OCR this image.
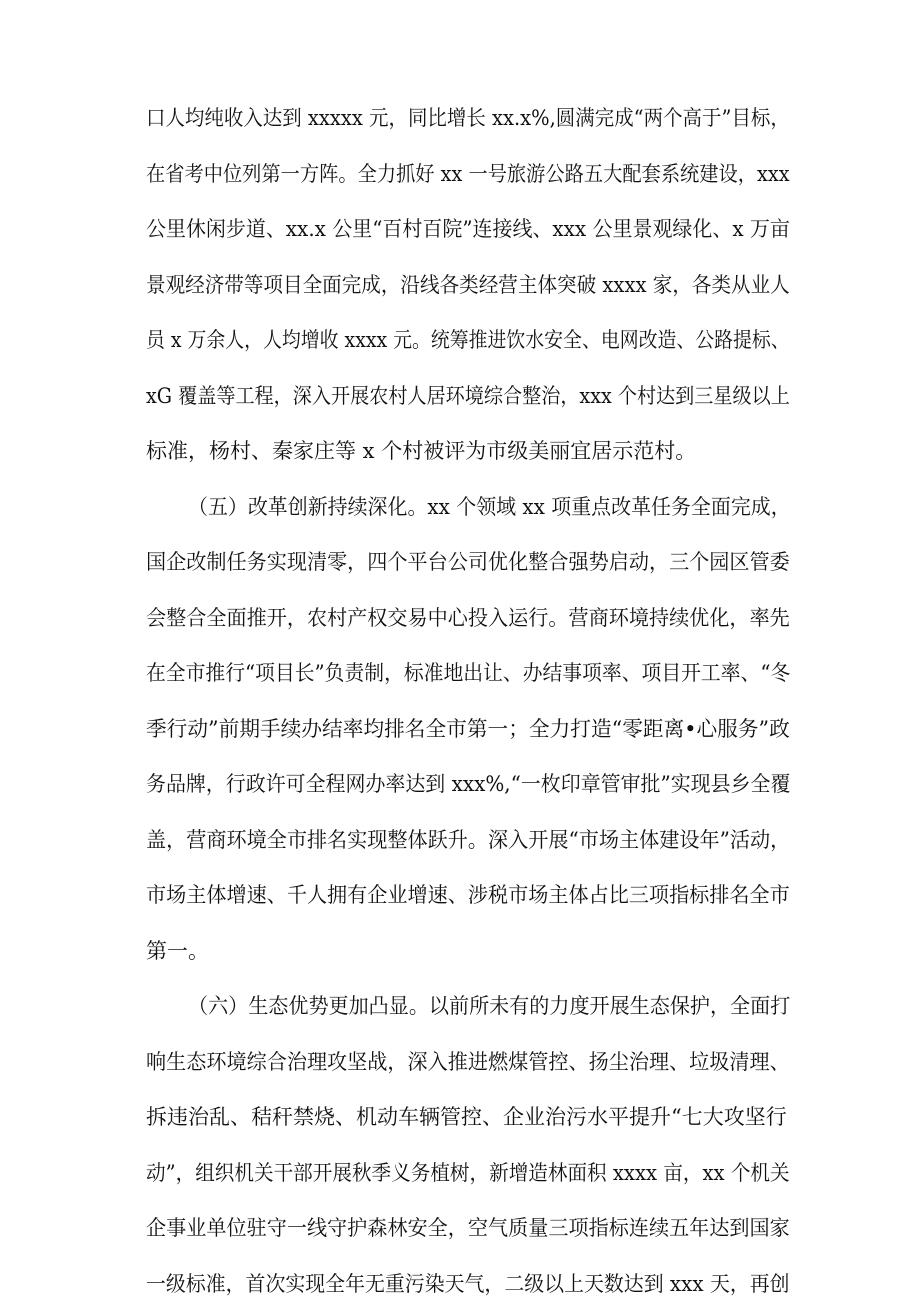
口人均纯收入达到 xxxxx 元，同比增长 xx.x%,圆满完成“两个高于”目标，
在省考中位列第一方阵。全力抓好 xx 一号旅游公路五大配套系统建设，xxx
公里休闲步道、xx.x 公里“百村百院”连接线、xxx 公里景观绿化、x 万亩
景观经济带等项目全面完成，沿线各类经营主体突破 xxxx 家，各类从业人
员 x 万余人，人均增收 xxxx 元。统筹推进饮水安全、电网改造、公路提标、
xG 覆盖等工程，深入开展农村人居环境综合整治，xxx 个村达到三星级以上
标准，杨村、秦家庄等 x 个村被评为市级美丽宜居示范村。
（五）改革创新持续深化。xx 个领域 xx 项重点改革任务全面完成，
国企改制任务实现清零，四个平台公司优化整合强势启动，三个园区管委
会整合全面推开，农村产权交易中心投入运行。营商环境持续优化，率先
在全市推行“项目长”负责制，标准地出让、办结事项率、项目开工率、“冬
季行动”前期手续办结率均排名全市第一；全力打造“零距离•心服务”政
务品牌，行政许可全程网办率达到 xxx%,“一枚印章管审批”实现县乡全覆
盖，营商环境全市排名实现整体跃升。深入开展“市场主体建设年”活动，
市场主体增速、千人拥有企业增速、涉税市场主体占比三项指标排名全市
第一。
（六）生态优势更加凸显。以前所未有的力度开展生态保护，全面打
响生态环境综合治理攻坚战，深入推进燃煤管控、扬尘治理、垃圾清理、
拆违治乱、秸秆禁烧、机动车辆管控、企业治污水平提升“七大攻坚行
动”，组织机关干部开展秋季义务植树，新增造林面积 xxxx 亩，xx 个机关
企事业单位驻守一线守护森林安全，空气质量三项指标连续五年达到国家
一级标准，首次实现全年无重污染天气，二级以上天数达到 xxx 天，再创
